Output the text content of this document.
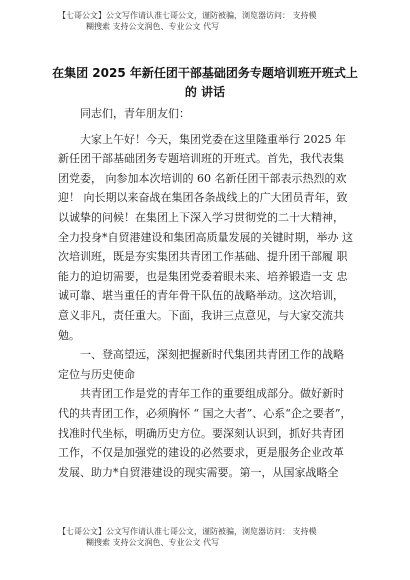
【七哥公文】公文写作请认准七哥公文，谨防被骗，浏览器访问： 支持模
糊搜索 支持公文润色、专业公文 代写
在集团 2025 年新任团干部基础团务专题培训班开班式上的 讲话

同志们，青年朋友们：

大家上午好！今天，集团党委在这里隆重举行 2025 年新任团干部基础团务专题培训班的开班式。首先，我代表集团党委， 向参加本次培训的 60 名新任团干部表示热烈的欢 迎！ 向长期以来奋战在集团各条战线上的广大团员青年，致 以诚挚的问候！在集团上下深入学习贯彻党的二十大精神， 全力投身*自贸港建设和集团高质量发展的关键时期，举办 这次培训班，既是夯实集团共青团工作基础、提升团干部履 职能力的迫切需要，也是集团党委着眼未来、培养锻造一支 忠诚可靠、堪当重任的青年骨干队伍的战略举动。这次培训， 意义非凡，责任重大。下面，我讲三点意见，与大家交流共 勉。

一、登高望远，深刻把握新时代集团共青团工作的战略定位与历史使命

共青团工作是党的青年工作的重要组成部分。做好新时代的共青团工作，必须胸怀 “ 国之大者”、心系“企之要者”， 找准时代坐标，明确历史方位。要深刻认识到，抓好共青团 工作，不仅是加强党的建设的必然要求，更是服务企业改革 发展、助力*自贸港建设的现实需要。第一，从国家战略全

【七哥公文】公文写作请认准七哥公文，谨防被骗，浏览器访问： 支持模
糊搜索 支持公文润色、专业公文 代写
